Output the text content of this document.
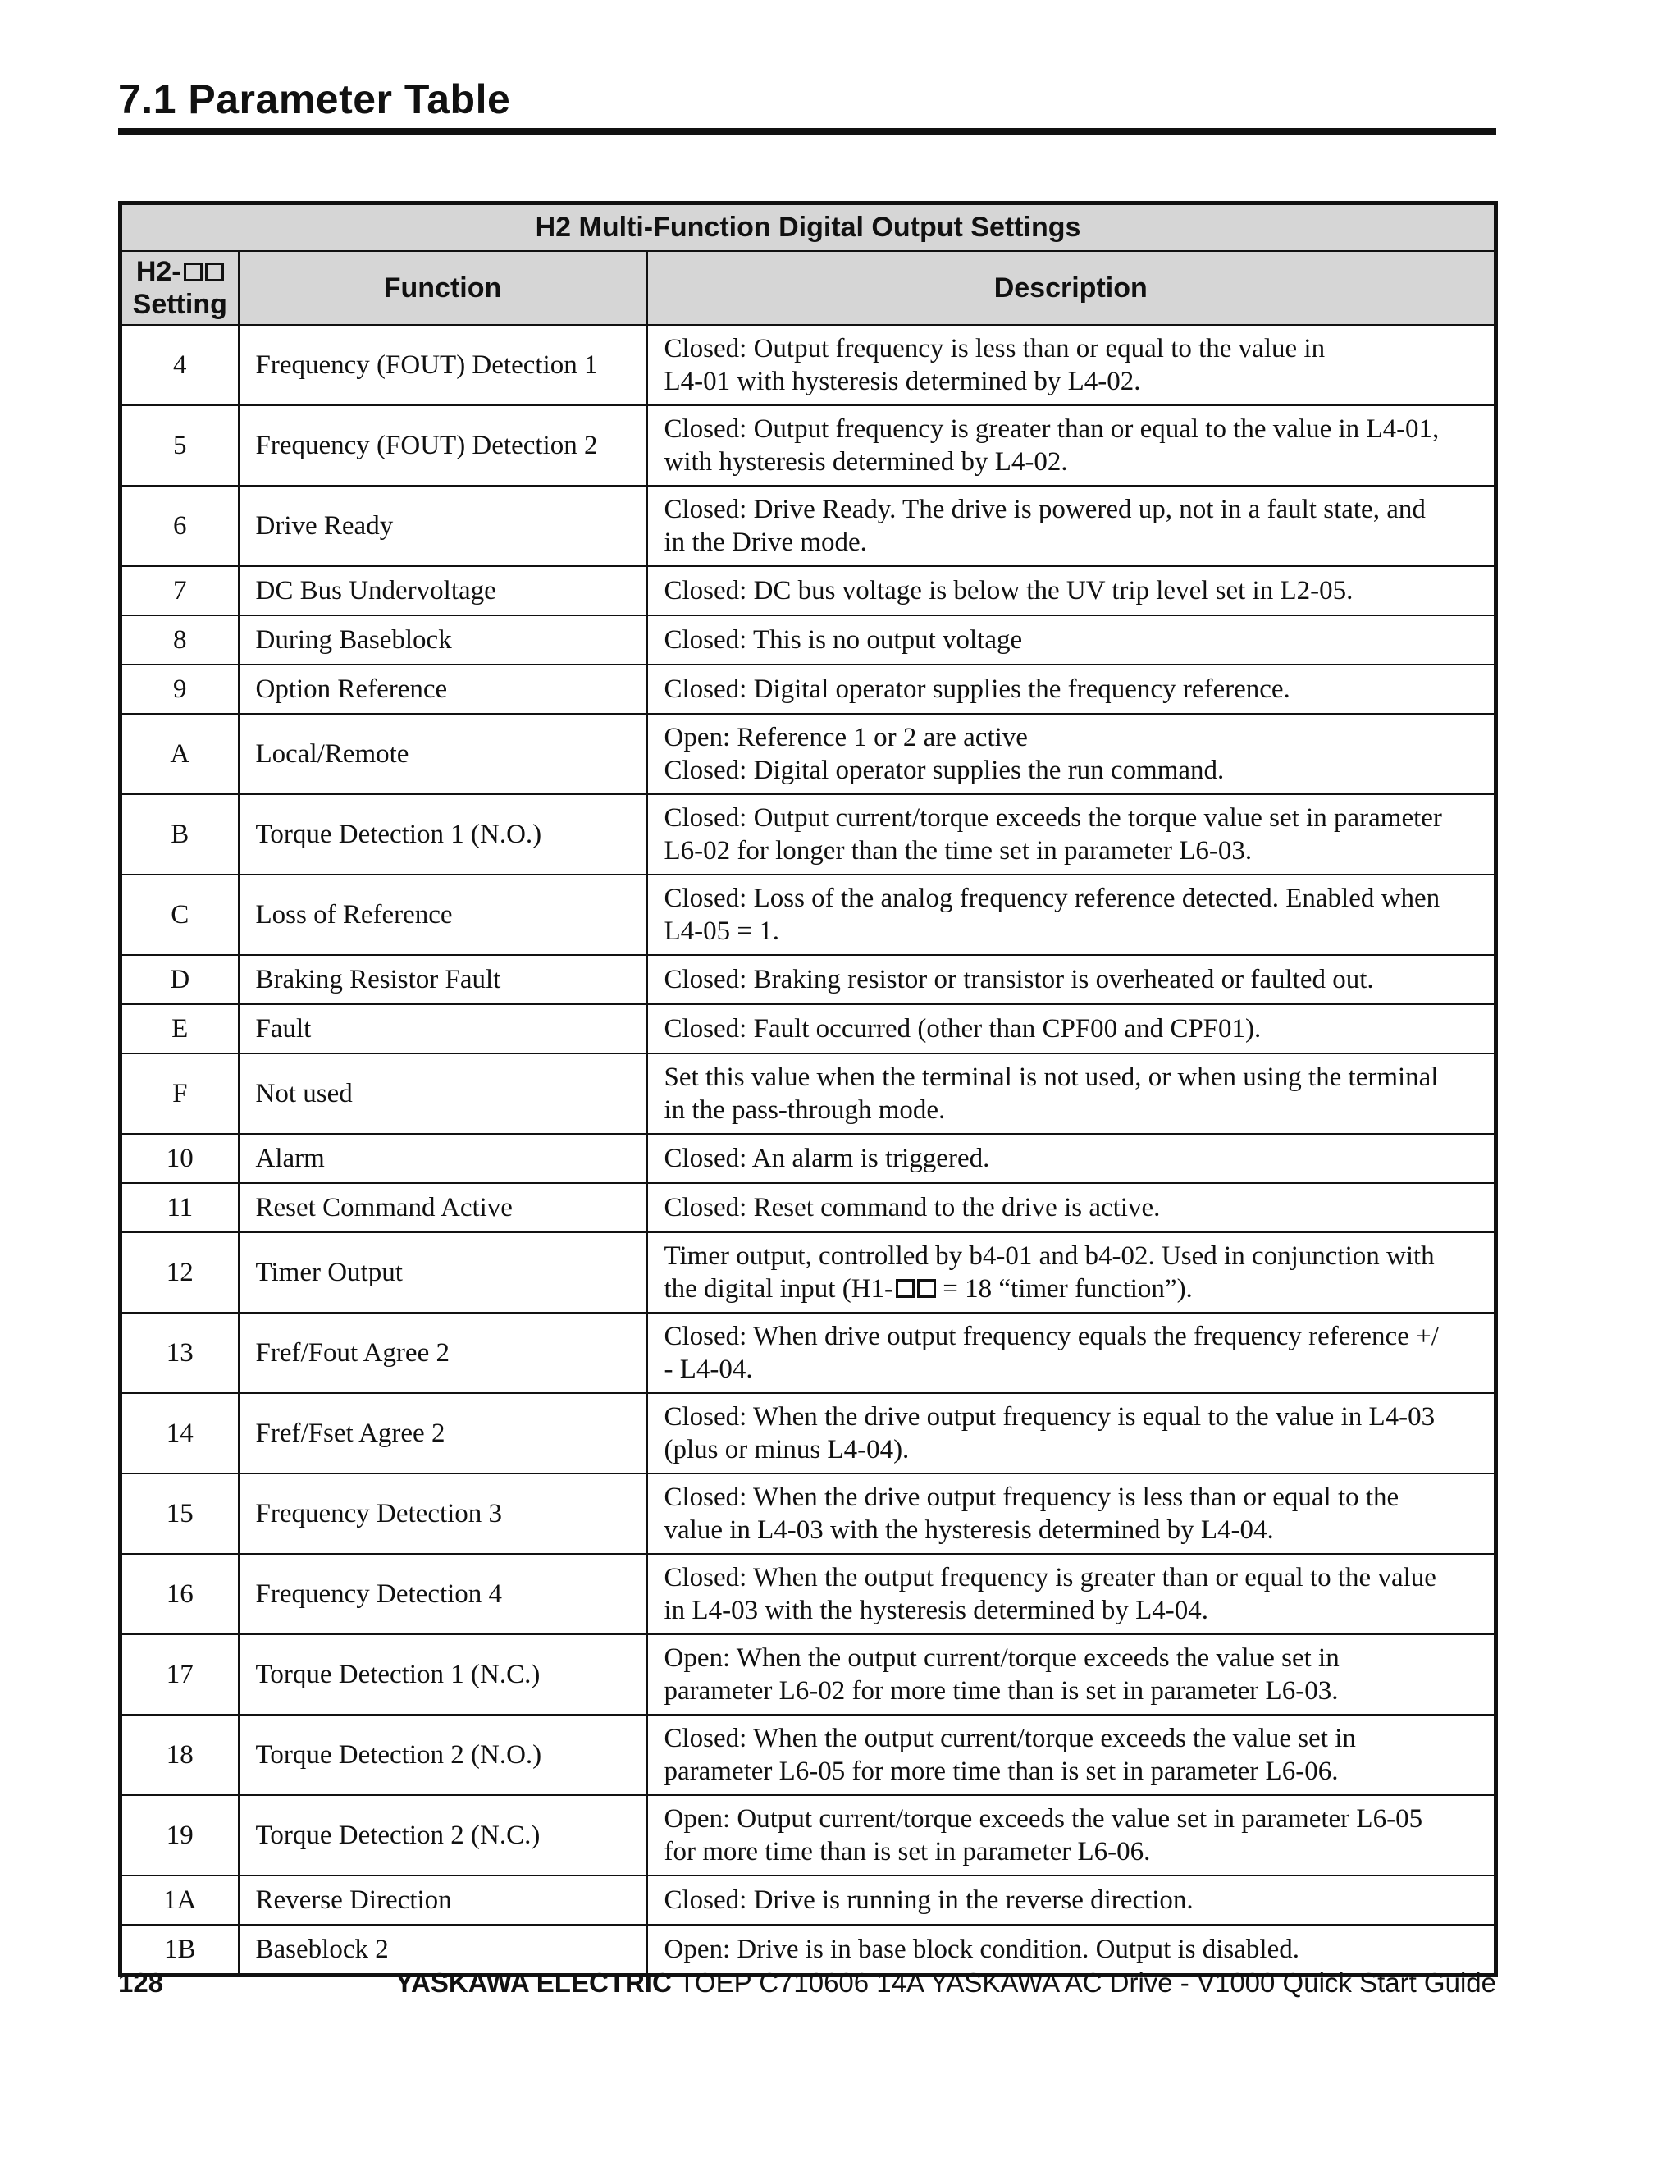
7.1 Parameter Table
H2 Multi-Function Digital Output Settings		
H2-
Setting	Function	Description
4	Frequency (FOUT) Detection 1	Closed: Output frequency is less than or equal to the value in
L4-01 with hysteresis determined by L4-02.
5	Frequency (FOUT) Detection 2	Closed: Output frequency is greater than or equal to the value in L4-01,
with hysteresis determined by L4-02.
6	Drive Ready	Closed: Drive Ready. The drive is powered up, not in a fault state, and
in the Drive mode.
7	DC Bus Undervoltage	Closed: DC bus voltage is below the UV trip level set in L2-05.
8	During Baseblock	Closed: This is no output voltage
9	Option Reference	Closed: Digital operator supplies the frequency reference.
A	Local/Remote	Open: Reference 1 or 2 are active
Closed: Digital operator supplies the run command.
B	Torque Detection 1 (N.O.)	Closed: Output current/torque exceeds the torque value set in parameter
L6-02 for longer than the time set in parameter L6-03.
C	Loss of Reference	Closed: Loss of the analog frequency reference detected. Enabled when
L4-05 = 1.
D	Braking Resistor Fault	Closed: Braking resistor or transistor is overheated or faulted out.
E	Fault	Closed: Fault occurred (other than CPF00 and CPF01).
F	Not used	Set this value when the terminal is not used, or when using the terminal
in the pass-through mode.
10	Alarm	Closed: An alarm is triggered.
11	Reset Command Active	Closed: Reset command to the drive is active.
12	Timer Output	Timer output, controlled by b4-01 and b4-02. Used in conjunction with
the digital input (H1- = 18 “timer function”).
13	Fref/Fout Agree 2	Closed: When drive output frequency equals the frequency reference +/
- L4-04.
14	Fref/Fset Agree 2	Closed: When the drive output frequency is equal to the value in L4-03
(plus or minus L4-04).
15	Frequency Detection 3	Closed: When the drive output frequency is less than or equal to the
value in L4-03 with the hysteresis determined by L4-04.
16	Frequency Detection 4	Closed: When the output frequency is greater than or equal to the value
in L4-03 with the hysteresis determined by L4-04.
17	Torque Detection 1 (N.C.)	Open: When the output current/torque exceeds the value set in
parameter L6-02 for more time than is set in parameter L6-03.
18	Torque Detection 2 (N.O.)	Closed: When the output current/torque exceeds the value set in
parameter L6-05 for more time than is set in parameter L6-06.
19	Torque Detection 2 (N.C.)	Open: Output current/torque exceeds the value set in parameter L6-05
for more time than is set in parameter L6-06.
1A	Reverse Direction	Closed: Drive is running in the reverse direction.
1B	Baseblock 2	Open: Drive is in base block condition. Output is disabled.

128	YASKAWA ELECTRIC TOEP C710606 14A YASKAWA AC Drive - V1000 Quick Start Guide
